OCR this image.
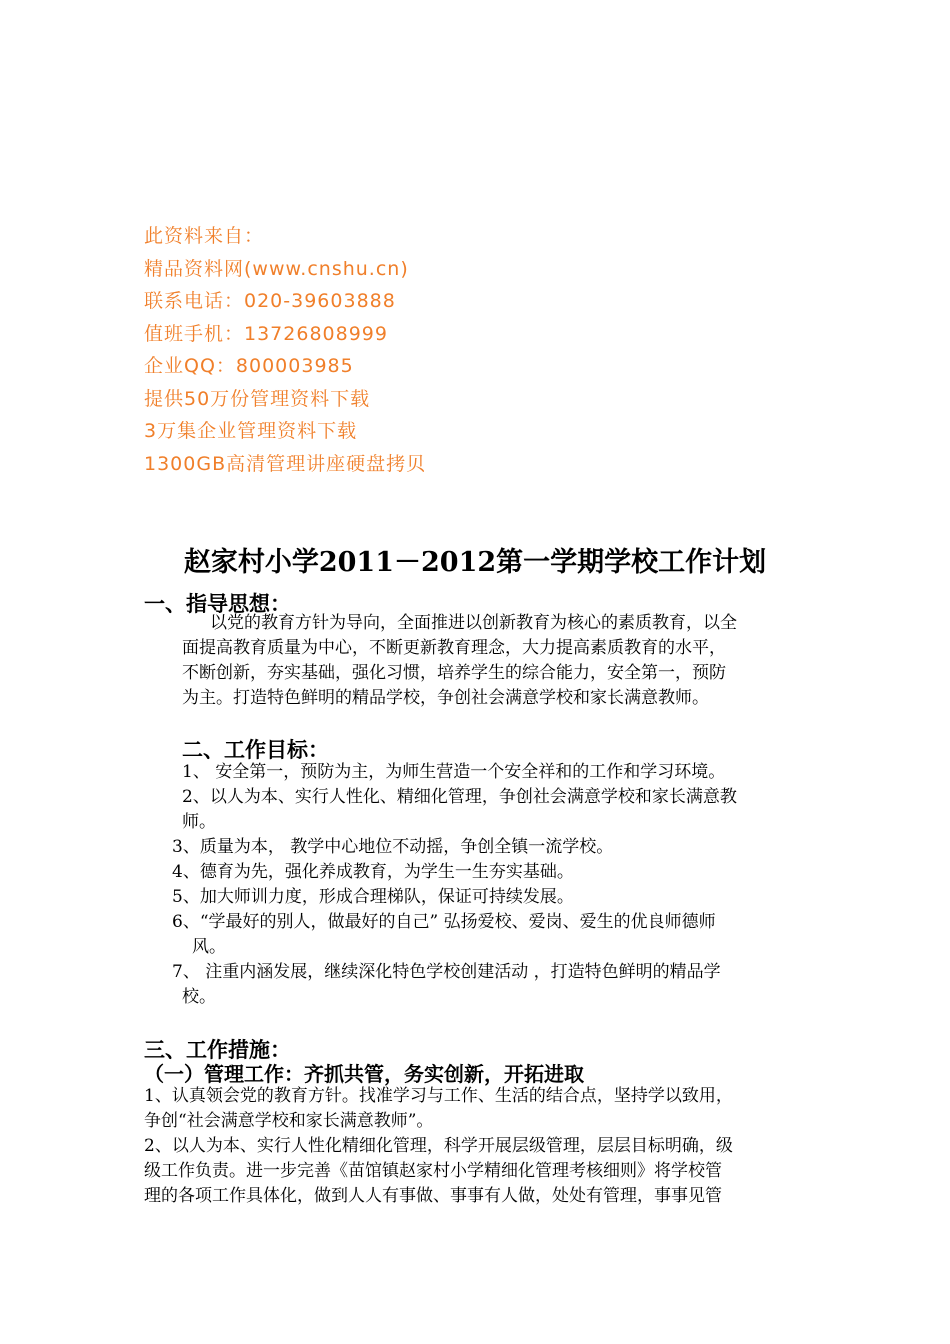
此资料来自：
精品资料网(www.cnshu.cn)
联系电话：020-39603888
值班手机：13726808999
企业QQ：800003985
提供50万份管理资料下载
3万集企业管理资料下载
1300GB高清管理讲座硬盘拷贝
赵家村小学2011－2012第一学期学校工作计划
一、指导思想：
以党的教育方针为导向，全面推进以创新教育为核心的素质教育，以全
面提高教育质量为中心，不断更新教育理念，大力提高素质教育的水平，
不断创新，夯实基础，强化习惯，培养学生的综合能力，安全第一，预防
为主。打造特色鲜明的精品学校，争创社会满意学校和家长满意教师。
二、工作目标：
1、 安全第一，预防为主，为师生营造一个安全祥和的工作和学习环境。
2、以人为本、实行人性化、精细化管理，争创社会满意学校和家长满意教
师。
3、质量为本， 教学中心地位不动摇，争创全镇一流学校。
4、德育为先，强化养成教育，为学生一生夯实基础。
5、加大师训力度，形成合理梯队，保证可持续发展。
6、“学最好的别人，做最好的自己” 弘扬爱校、爱岗、爱生的优良师德师
风。
7、 注重内涵发展，继续深化特色学校创建活动 ，打造特色鲜明的精品学
校。
三、工作措施：
（一）管理工作：齐抓共管，务实创新，开拓进取
1、认真领会党的教育方针。找准学习与工作、生活的结合点，坚持学以致用，
争创“社会满意学校和家长满意教师”。
2、以人为本、实行人性化精细化管理，科学开展层级管理，层层目标明确，级
级工作负责。进一步完善《苗馆镇赵家村小学精细化管理考核细则》将学校管
理的各项工作具体化，做到人人有事做、事事有人做，处处有管理，事事见管
